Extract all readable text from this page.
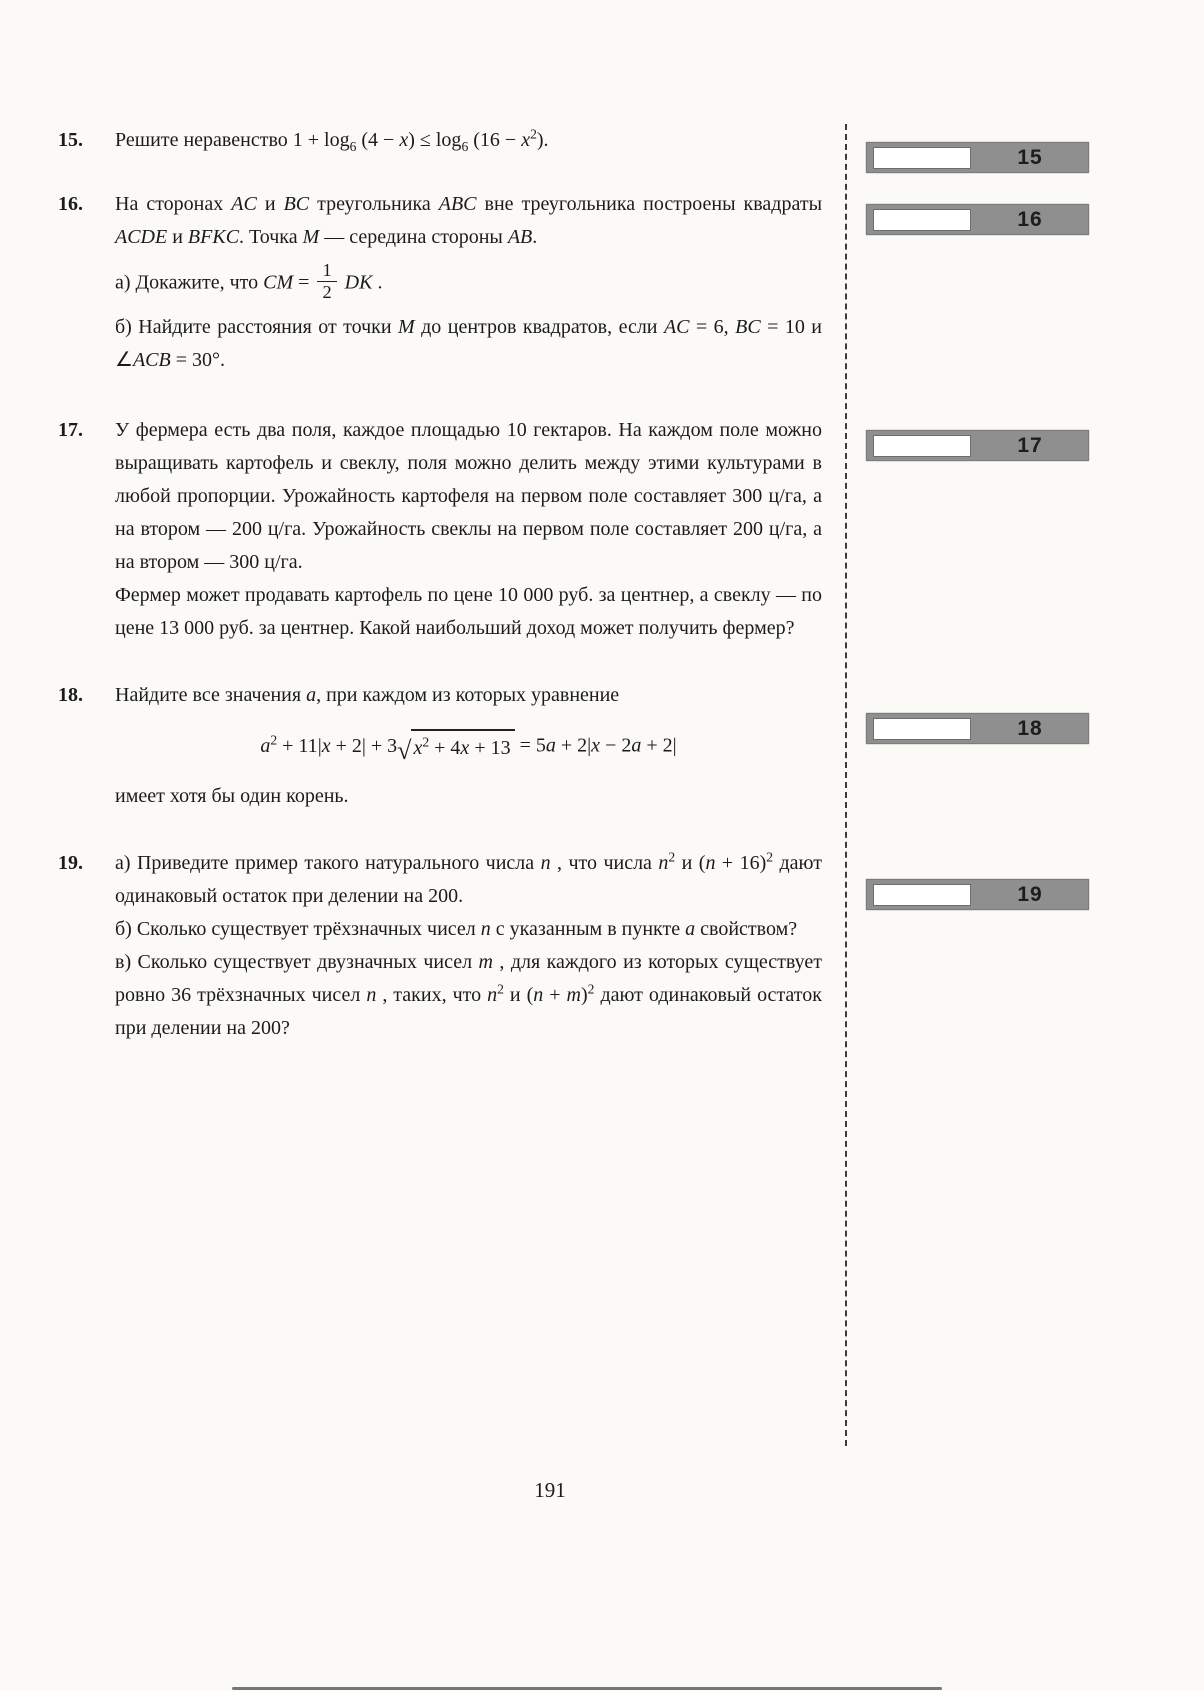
15.	Решите неравенство $1 + \log_6 (4 - x) \le \log_6 (16 - x^2)$.

16.	На сторонах AC и BC треугольника ABC вне треугольника построены квадраты ACDE и BFKC. Точка M — середина стороны AB.

а) Докажите, что CM = $\frac{1}{2}$ DK .

б) Найдите расстояния от точки M до центров квадратов, если AC = 6, BC = 10 и ∠ACB = 30°.

17.	У фермера есть два поля, каждое площадью 10 гектаров. На каждом поле можно выращивать картофель и свеклу, поля можно делить между этими культурами в любой пропорции. Урожайность картофеля на первом поле составляет 300 ц/га, а на втором — 200 ц/га. Урожайность свеклы на первом поле составляет 200 ц/га, а на втором — 300 ц/га.

Фермер может продавать картофель по цене 10 000 руб. за центнер, а свеклу — по цене 13 000 руб. за центнер. Какой наибольший доход может получить фермер?

18.	Найдите все значения a, при каждом из которых уравнение

$a^2 + 11|x + 2| + 3$ √ $x^2 + 4x + 13 = 5a + 2|x - 2a + 2|$

имеет хотя бы один корень.

19.	а) Приведите пример такого натурального числа n , что числа $n^2$ и $(n + 16)^2$ дают одинаковый остаток при делении на 200.

б) Сколько существует трёхзначных чисел n с указанным в пункте а свойством?

в) Сколько существует двузначных чисел m , для каждого из которых существует ровно 36 трёхзначных чисел n , таких, что $n^2$ и $(n + m)^2$ дают одинаковый остаток при делении на 200?

15
16
17
18
19
191
